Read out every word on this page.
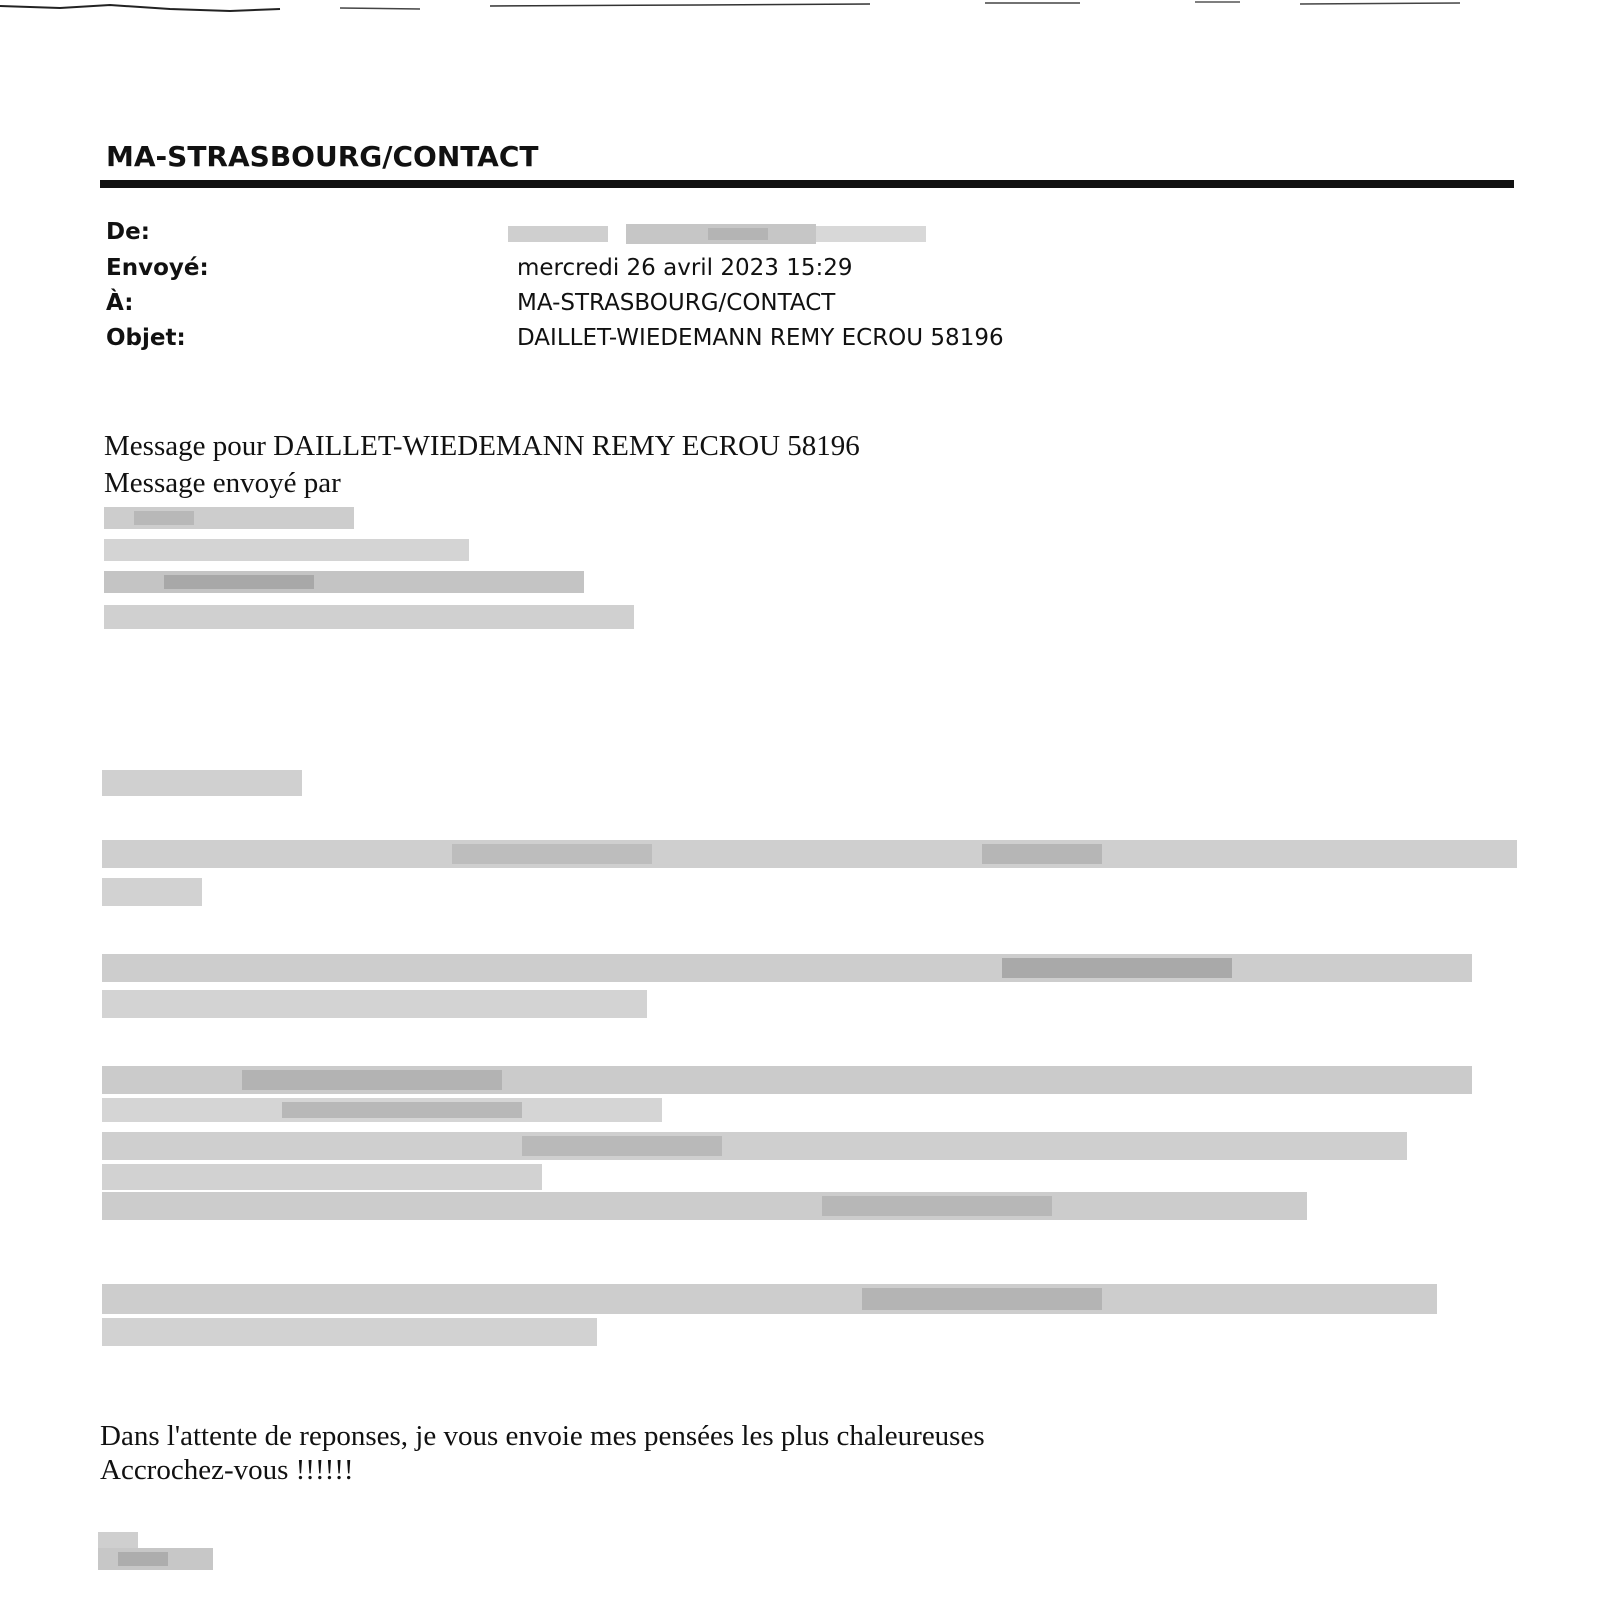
MA-STRASBOURG/CONTACT
De:
Envoyé:	mercredi 26 avril 2023 15:29
À:	MA-STRASBOURG/CONTACT
Objet:	DAILLET-WIEDEMANN REMY ECROU 58196
Message pour DAILLET-WIEDEMANN REMY ECROU 58196
Message envoyé par
Dans l'attente de reponses, je vous envoie mes pensées les plus chaleureuses
Accrochez-vous !!!!!!
